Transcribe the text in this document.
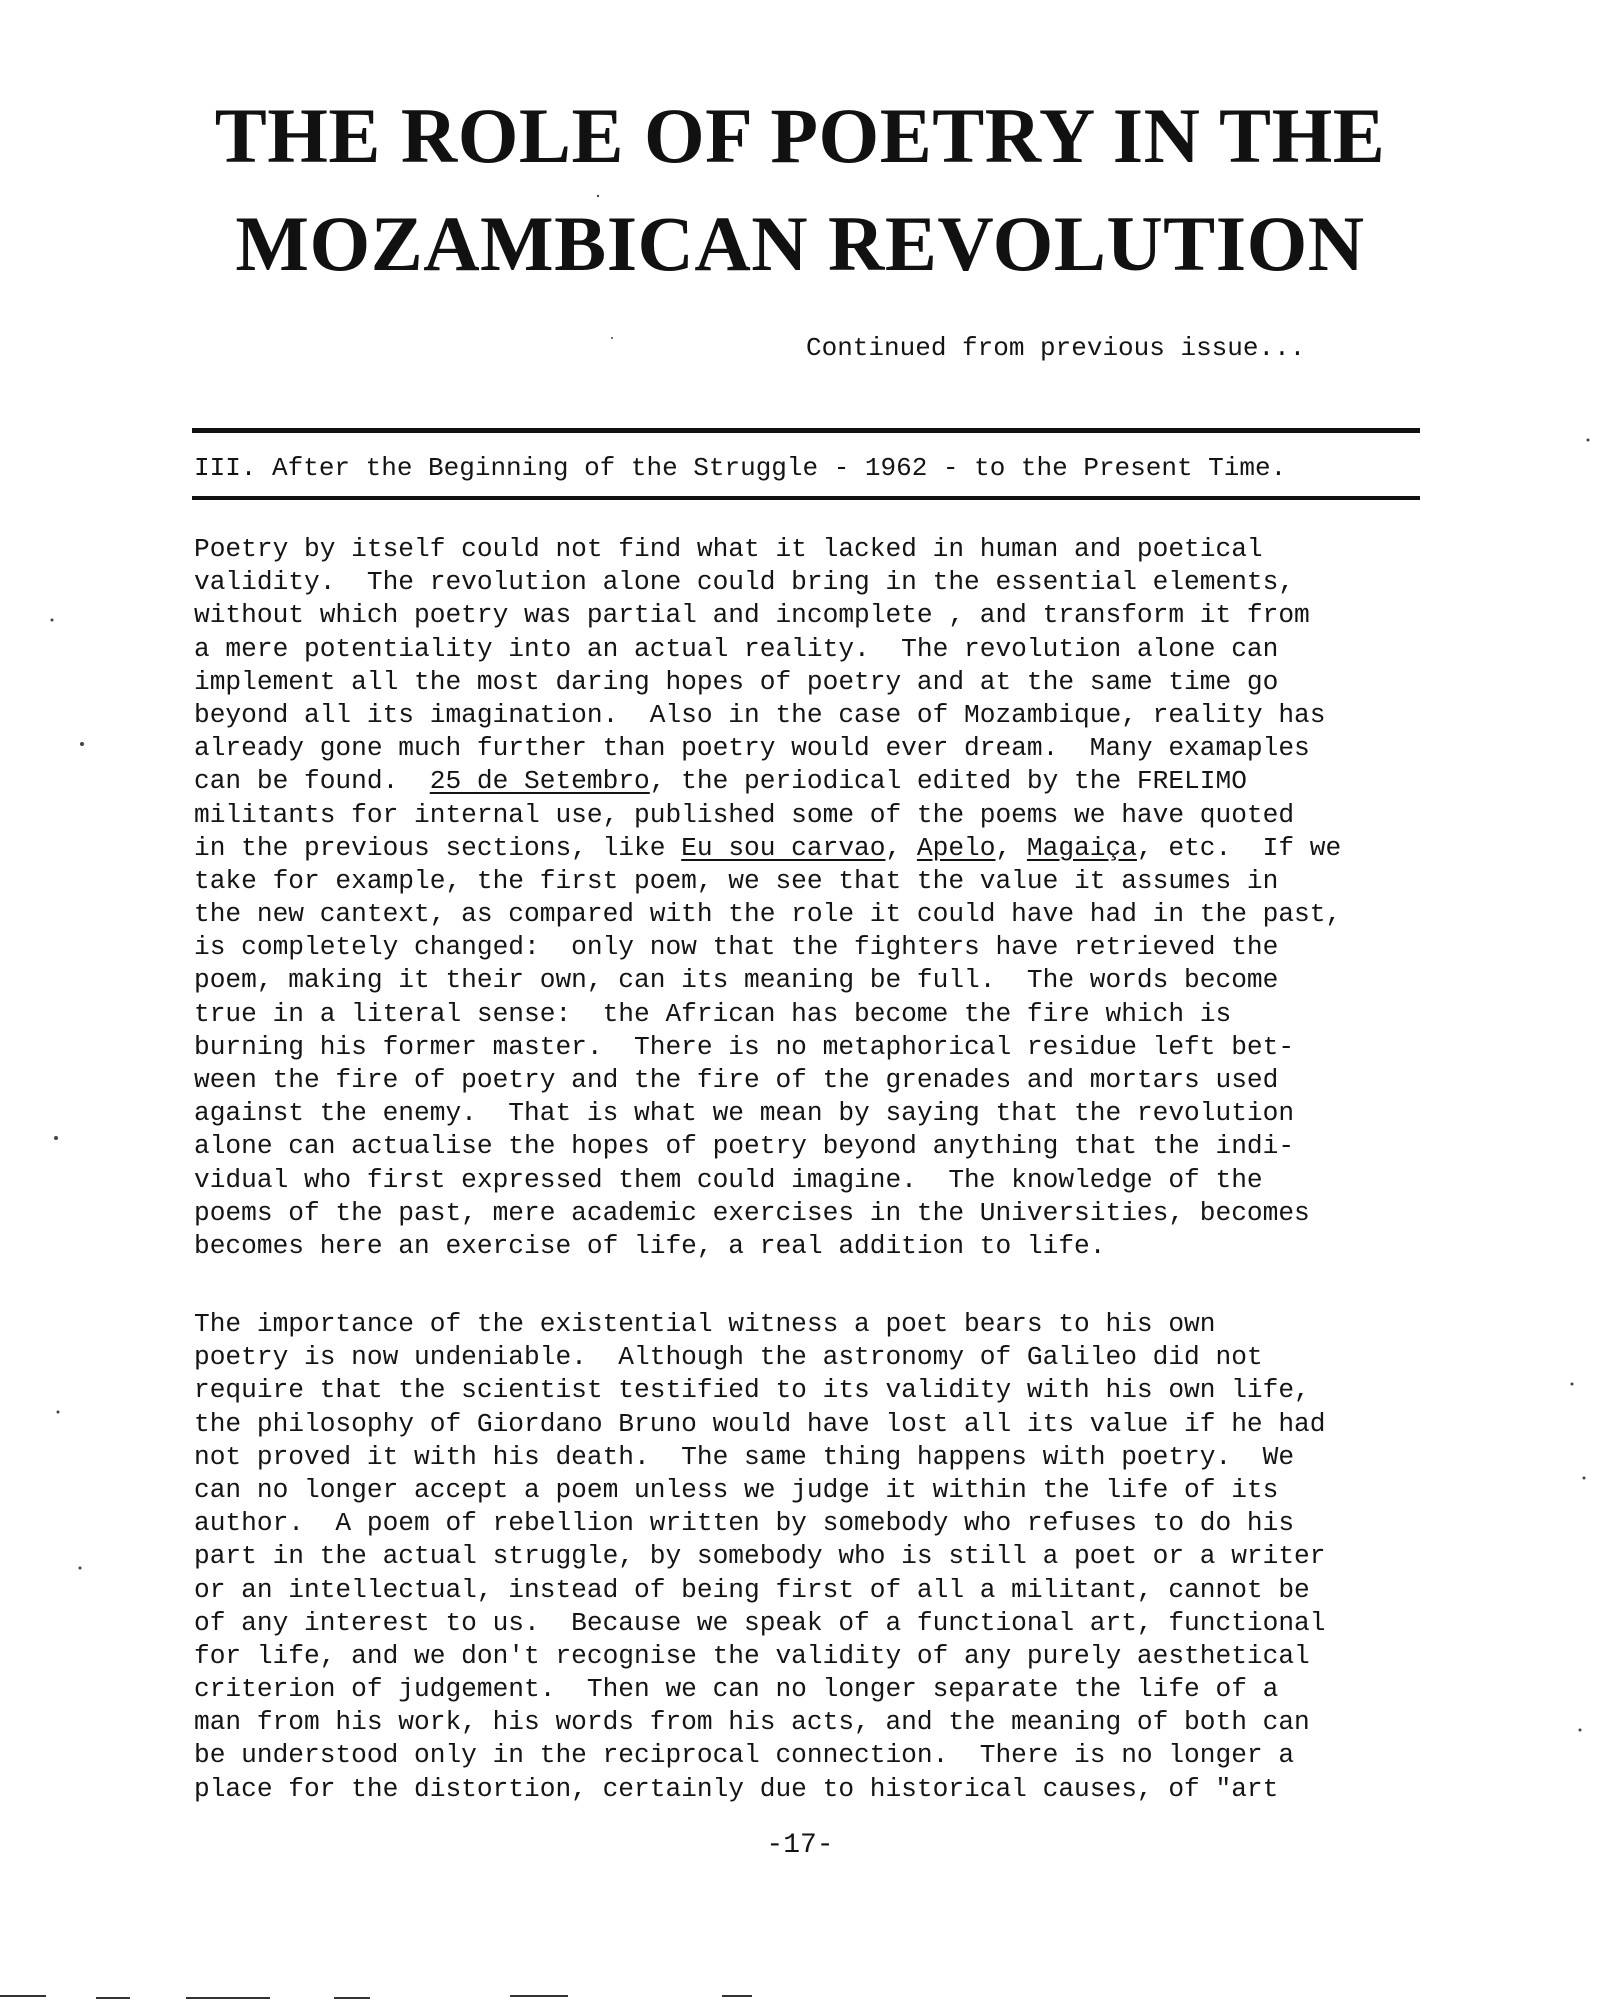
THE ROLE OF POETRY IN THE
MOZAMBICAN REVOLUTION

Continued from previous issue...

III. After the Beginning of the Struggle - 1962 - to the Present Time.

Poetry by itself could not find what it lacked in human and poetical
validity.  The revolution alone could bring in the essential elements,
without which poetry was partial and incomplete , and transform it from
a mere potentiality into an actual reality.  The revolution alone can
implement all the most daring hopes of poetry and at the same time go
beyond all its imagination.  Also in the case of Mozambique, reality has
already gone much further than poetry would ever dream.  Many examaples
can be found.  25 de Setembro, the periodical edited by the FRELIMO
militants for internal use, published some of the poems we have quoted
in the previous sections, like Eu sou carvao, Apelo, Magaiça, etc.  If we
take for example, the first poem, we see that the value it assumes in
the new cantext, as compared with the role it could have had in the past,
is completely changed:  only now that the fighters have retrieved the
poem, making it their own, can its meaning be full.  The words become
true in a literal sense:  the African has become the fire which is
burning his former master.  There is no metaphorical residue left bet-
ween the fire of poetry and the fire of the grenades and mortars used
against the enemy.  That is what we mean by saying that the revolution
alone can actualise the hopes of poetry beyond anything that the indi-
vidual who first expressed them could imagine.  The knowledge of the
poems of the past, mere academic exercises in the Universities, becomes
becomes here an exercise of life, a real addition to life.
The importance of the existential witness a poet bears to his own
poetry is now undeniable.  Although the astronomy of Galileo did not
require that the scientist testified to its validity with his own life,
the philosophy of Giordano Bruno would have lost all its value if he had
not proved it with his death.  The same thing happens with poetry.  We
can no longer accept a poem unless we judge it within the life of its
author.  A poem of rebellion written by somebody who refuses to do his
part in the actual struggle, by somebody who is still a poet or a writer
or an intellectual, instead of being first of all a militant, cannot be
of any interest to us.  Because we speak of a functional art, functional
for life, and we don't recognise the validity of any purely aesthetical
criterion of judgement.  Then we can no longer separate the life of a
man from his work, his words from his acts, and the meaning of both can
be understood only in the reciprocal connection.  There is no longer a
place for the distortion, certainly due to historical causes, of "art

-17-
